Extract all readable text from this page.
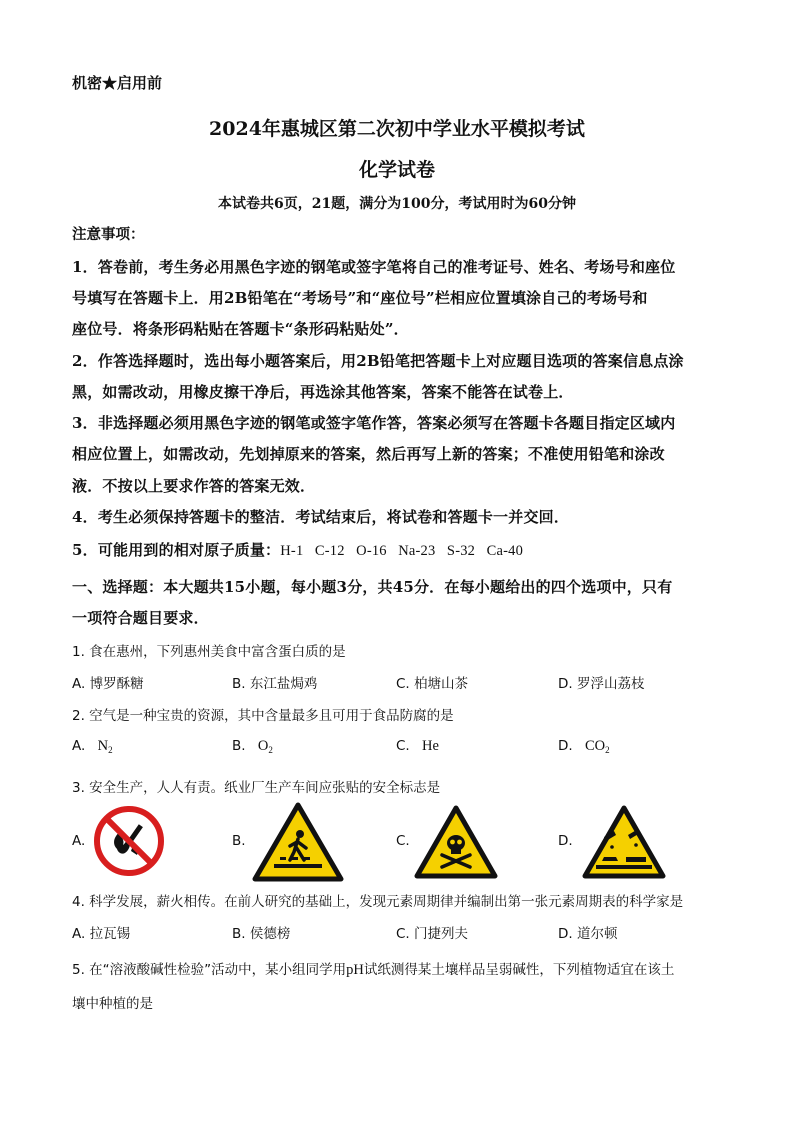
机密★启用前
2024年惠城区第二次初中学业水平模拟考试
化学试卷
本试卷共6页，21题，满分为100分，考试用时为60分钟
注意事项：
1．答卷前，考生务必用黑色字迹的钢笔或签字笔将自己的准考证号、姓名、考场号和座位
号填写在答题卡上．用2B铅笔在“考场号”和“座位号”栏相应位置填涂自己的考场号和
座位号．将条形码粘贴在答题卡“条形码粘贴处”．
2．作答选择题时，选出每小题答案后，用2B铅笔把答题卡上对应题目选项的答案信息点涂
黑，如需改动，用橡皮擦干净后，再选涂其他答案，答案不能答在试卷上．
3．非选择题必须用黑色字迹的钢笔或签字笔作答，答案必须写在答题卡各题目指定区域内
相应位置上，如需改动，先划掉原来的答案，然后再写上新的答案；不准使用铅笔和涂改
液．不按以上要求作答的答案无效．
4．考生必须保持答题卡的整洁．考试结束后，将试卷和答题卡一并交回．
5．可能用到的相对原子质量：H-1   C-12   O-16   Na-23   S-32   Ca-40
一、选择题：本大题共15小题，每小题3分，共45分．在每小题给出的四个选项中，只有
一项符合题目要求．
1. 食在惠州，下列惠州美食中富含蛋白质的是
A. 博罗酥糖	B. 东江盐焗鸡	C. 柏塘山茶	D. 罗浮山荔枝
2. 空气是一种宝贵的资源，其中含量最多且可用于食品防腐的是
A. $N_2$	B. $O_2$	C. He	D. $CO_2$
3. 安全生产，人人有责。纸业厂生产车间应张贴的安全标志是
A.	B.	C.	D.
4. 科学发展，薪火相传。在前人研究的基础上，发现元素周期律并编制出第一张元素周期表的科学家是
A. 拉瓦锡	B. 侯德榜	C. 门捷列夫	D. 道尔顿
5. 在“溶液酸碱性检验”活动中，某小组同学用pH试纸测得某土壤样品呈弱碱性，下列植物适宜在该土
壤中种植的是
